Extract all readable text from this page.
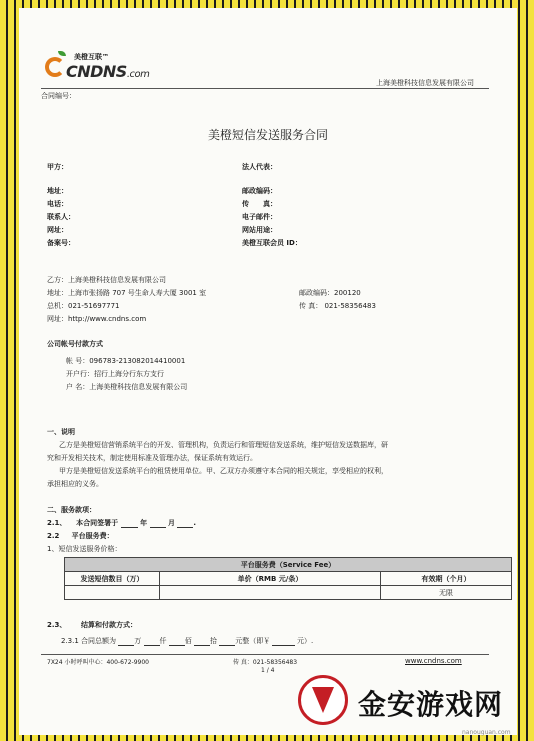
美橙互联™
CNDNS.com
上海美橙科技信息发展有限公司
合同编号：
美橙短信发送服务合同
甲方：	法人代表：
地址：	邮政编码：
电话：	传　　真：
联系人：	电子邮件：
网址：	网站用途：
备案号：	美橙互联会员 ID：
乙方：上海美橙科技信息发展有限公司
地址：上海市张扬路 707 号生命人寿大厦 3001 室	邮政编码：200120
总机：021-51697771	传 真： 021-58356483
网址：http://www.cndns.com
公司帐号付款方式
帐 号：096783-213082014410001
开户行：招行上海分行东方支行
户 名：上海美橙科技信息发展有限公司
一、说明
乙方是美橙短信营销系统平台的开发、管理机构，负责运行和管理短信发送系统，维护短信发送数据库，研
究和开发相关技术，制定使用标准及管理办法，保证系统有效运行。
甲方是美橙短信发送系统平台的租赁使用单位。甲、乙双方办须遵守本合同的相关规定，享受相应的权利，
承担相应的义务。
二、服务款项：
2.1、 本合同签署于	年	月	.
2.2 平台服务费：
1、短信发送服务价格：
平台服务费（Service Fee）		
发送短信数目（万）	单价（RMB 元/条）	有效期（个月）
		无限
2.3、 结算和付款方式：
2.3.1 合同总额为	万	仟	佰	拾	元整（即￥	元）.
7X24 小时呼叫中心：400-672-9900	传 真：021-58356483	www.cndns.com
1 / 4
金安游戏网
nanouguan.com
